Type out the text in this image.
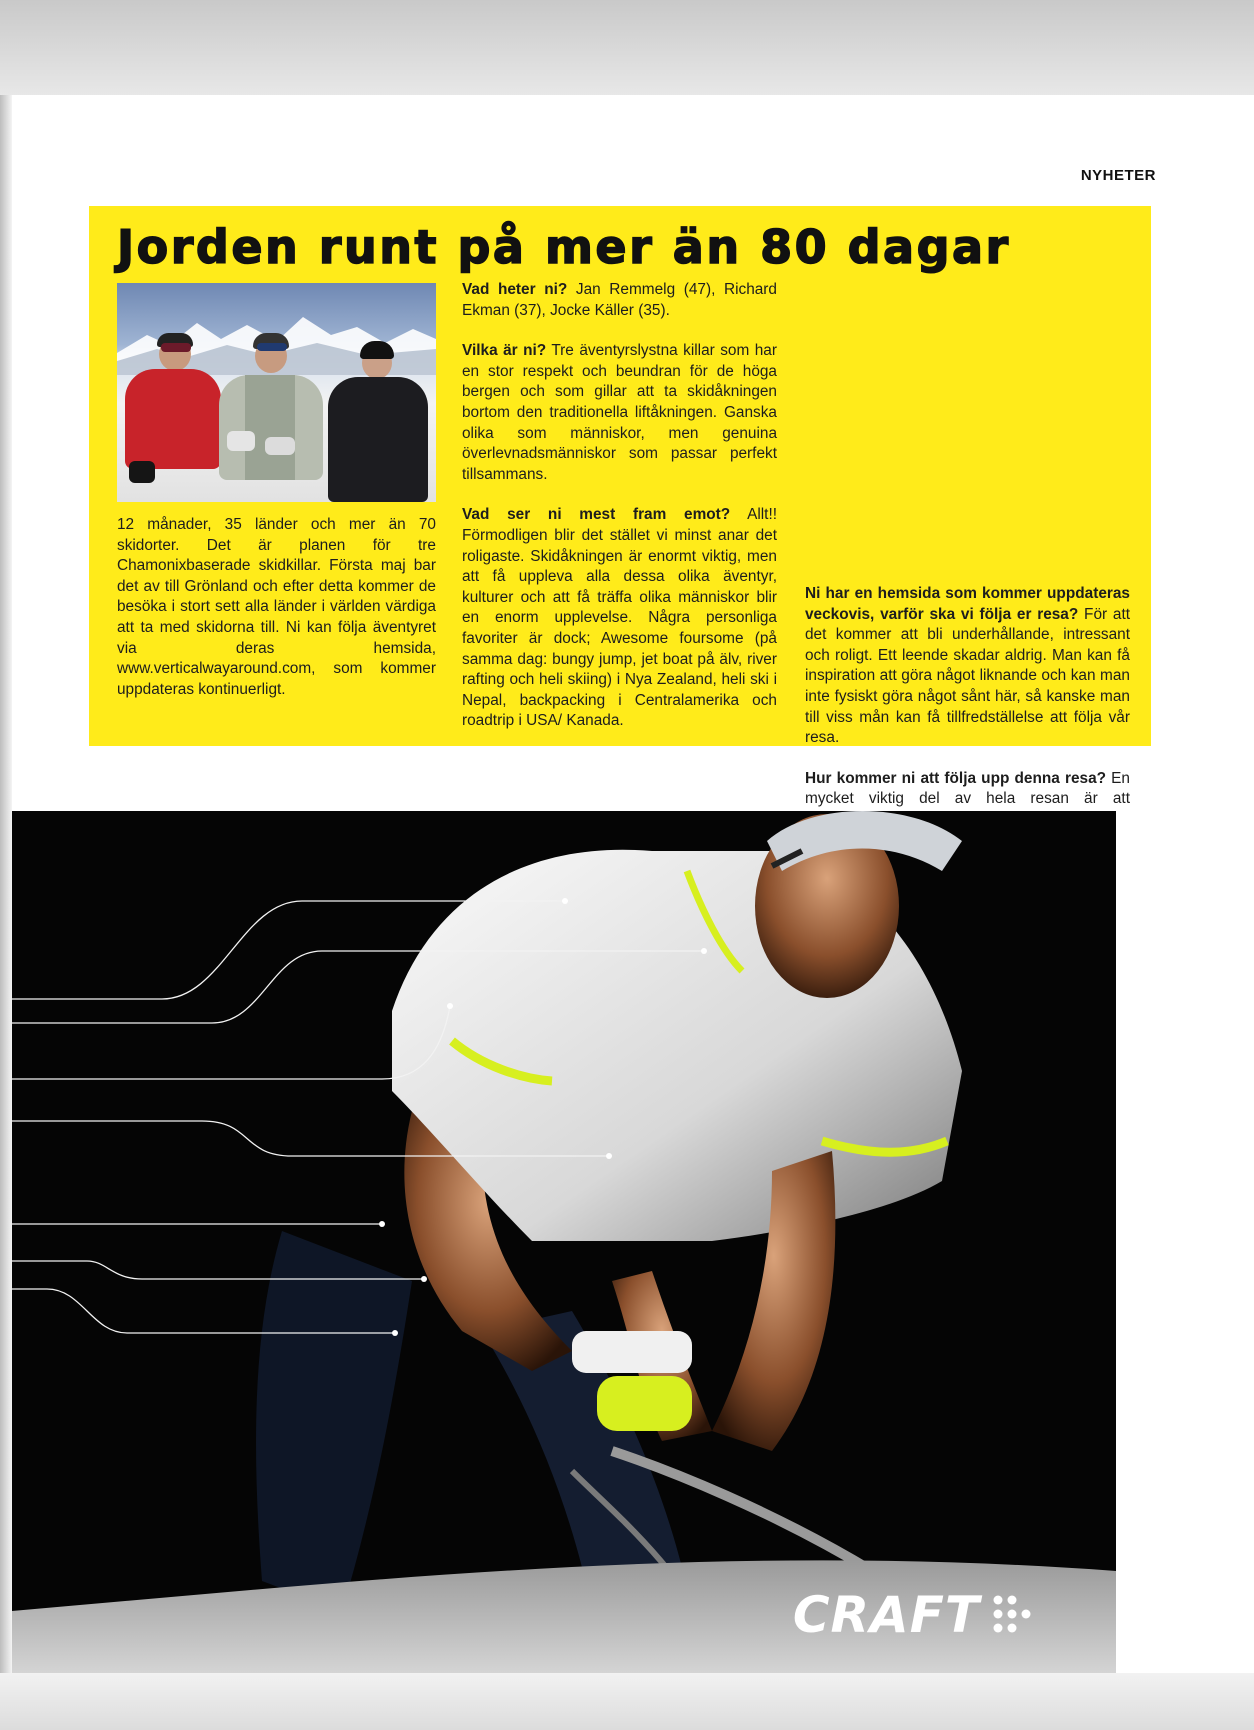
NYHETER
Jorden runt på mer än 80 dagar

12 månader, 35 länder och mer än 70 skidorter. Det är planen för tre Chamonixbaserade skidkillar. Första maj bar det av till Grönland och efter detta kommer de besöka i stort sett alla länder i världen värdiga att ta med skidorna till. Ni kan följa äventyret via deras hemsida, www.verticalwayaround.com, som kommer uppdateras kontinuerligt.

Vad heter ni? Jan Remmelg (47), Richard Ekman (37), Jocke Käller (35).

Vilka är ni? Tre äventyrslystna killar som har en stor respekt och beundran för de höga bergen och som gillar att ta skidåkningen bortom den traditionella liftåkningen. Ganska olika som människor, men genuina överlevnadsmänniskor som passar perfekt tillsammans.

Vad ser ni mest fram emot? Allt!! Förmodligen blir det stället vi minst anar det roligaste. Skidåkningen är enormt viktig, men att få uppleva alla dessa olika äventyr, kulturer och att få träffa olika människor blir en enorm upplevelse. Några personliga favoriter är dock; Awesome foursome (på samma dag: bungy jump, jet boat på älv, river rafting och heli skiing) i Nya Zealand, heli ski i Nepal, backpacking i Centralamerika och roadtrip i USA/ Kanada.

Ni har en hemsida som kommer uppdateras veckovis, varför ska vi följa er resa? För att det kommer att bli underhållande, intressant och roligt. Ett leende skadar aldrig. Man kan få inspiration att göra något liknande och kan man inte fysiskt göra något sånt här, så kanske man till viss mån kan få tillfredställelse att följa vår resa.

Hur kommer ni att följa upp denna resa? En mycket viktig del av hela resan är att

CRAFT
